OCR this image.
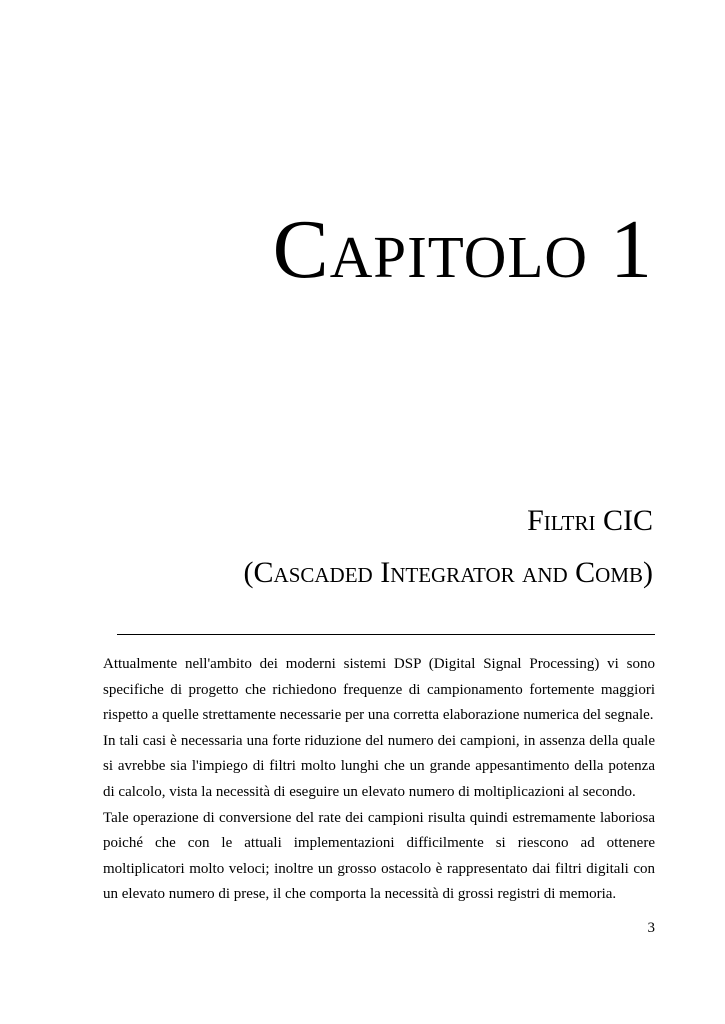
Capitolo 1
Filtri CIC
(Cascaded Integrator and Comb)

Attualmente nell'ambito dei moderni sistemi DSP (Digital Signal Processing) vi sono specifiche di progetto che richiedono frequenze di campionamento fortemente maggiori rispetto a quelle strettamente necessarie per una corretta elaborazione numerica del segnale.

In tali casi è necessaria una forte riduzione del numero dei campioni, in assenza della quale si avrebbe sia l'impiego di filtri molto lunghi che un grande appesantimento della potenza di calcolo, vista la necessità di eseguire un elevato numero di moltiplicazioni al secondo.

Tale operazione di conversione del rate dei campioni risulta quindi estremamente laboriosa poiché che con le attuali implementazioni difficilmente si riescono ad ottenere moltiplicatori molto veloci; inoltre un grosso ostacolo è rappresentato dai filtri digitali con un elevato numero di prese, il che comporta la necessità di grossi registri di memoria.

3
